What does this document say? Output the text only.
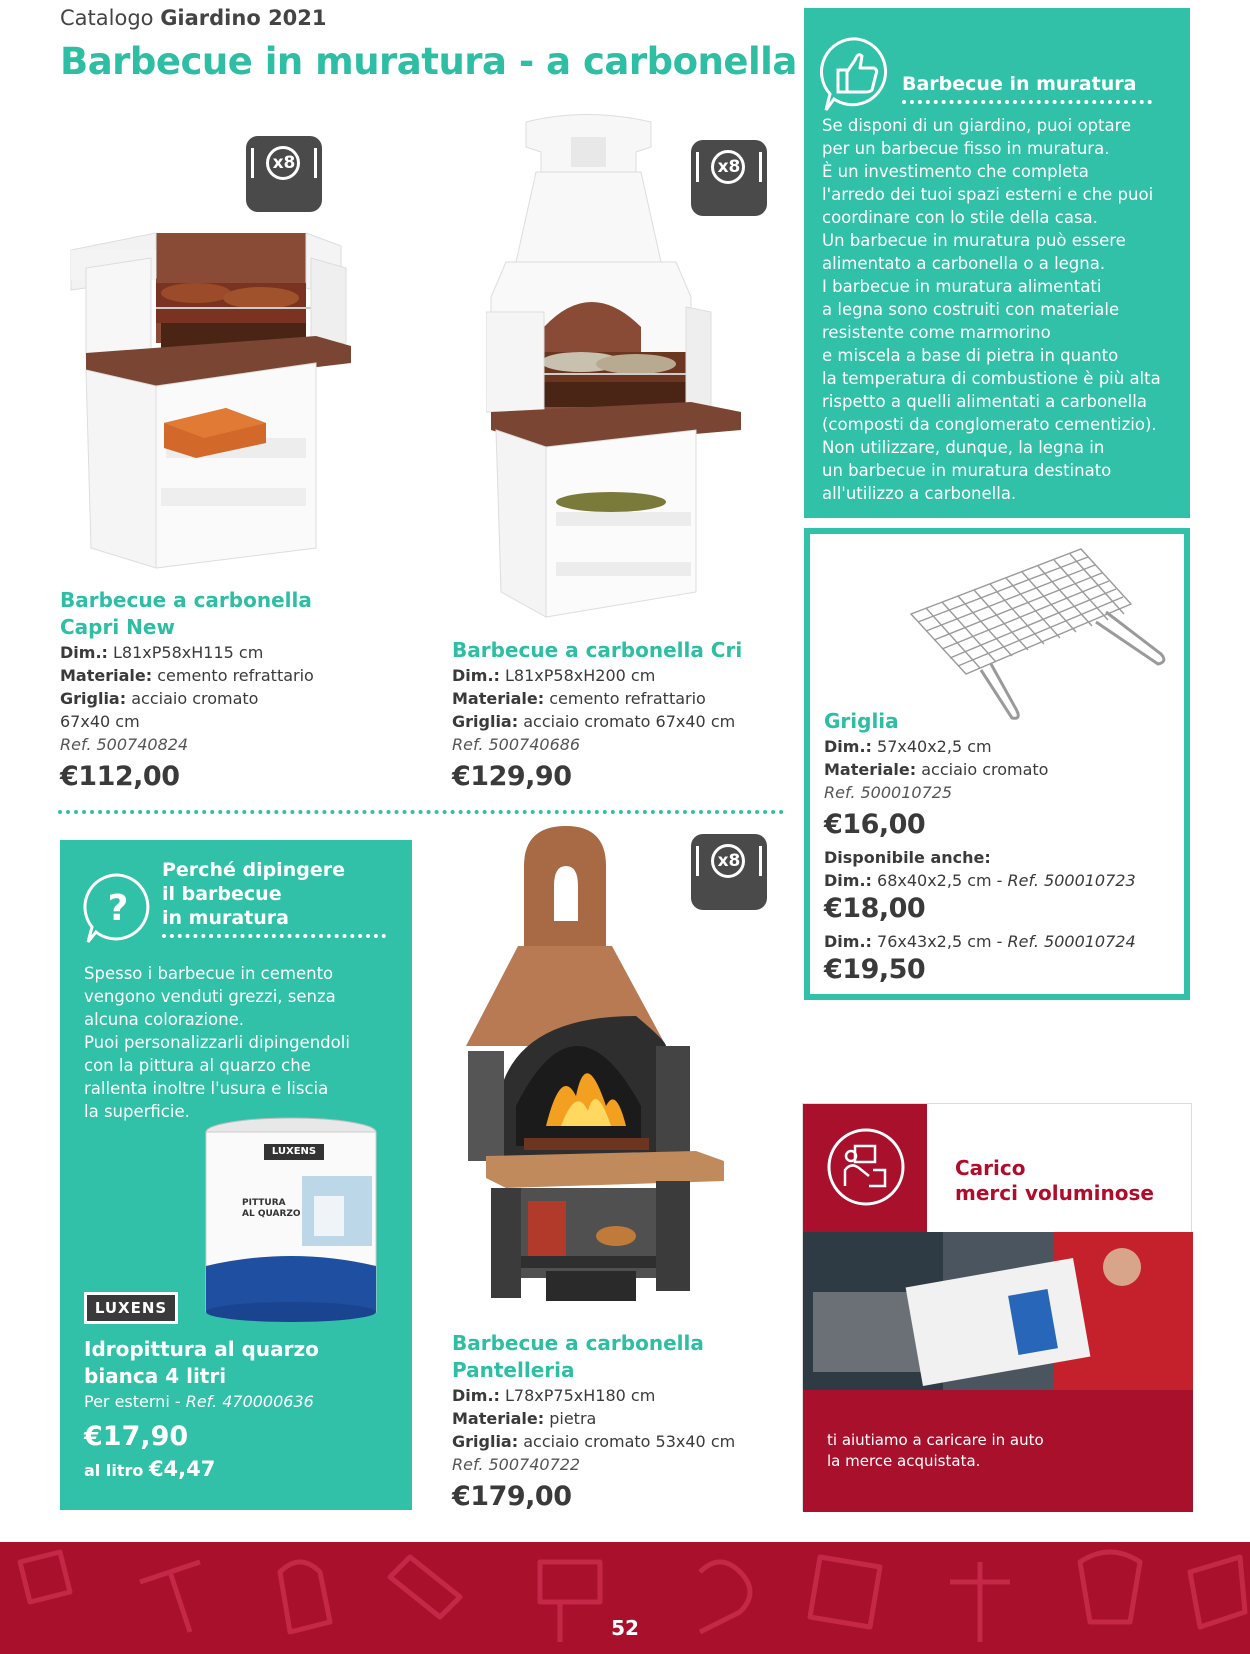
Catalogo Giardino 2021
Barbecue in muratura - a carbonella
x8
Barbecue a carbonella
Capri New
Dim.: L81xP58xH115 cm
Materiale: cemento refrattario
Griglia: acciaio cromato
67x40 cm
Ref. 500740824
€112,00
x8
Barbecue a carbonella Cri
Dim.: L81xP58xH200 cm
Materiale: cemento refrattario
Griglia: acciaio cromato 67x40 cm
Ref. 500740686
€129,90
Barbecue in muratura
Se disponi di un giardino, puoi optare
per un barbecue fisso in muratura.
È un investimento che completa
l'arredo dei tuoi spazi esterni e che puoi
coordinare con lo stile della casa.
Un barbecue in muratura può essere
alimentato a carbonella o a legna.
I barbecue in muratura alimentati
a legna sono costruiti con materiale
resistente come marmorino
e miscela a base di pietra in quanto
la temperatura di combustione è più alta
rispetto a quelli alimentati a carbonella
(composti da conglomerato cementizio).
Non utilizzare, dunque, la legna in
un barbecue in muratura destinato
all'utilizzo a carbonella.
Griglia
Dim.: 57x40x2,5 cm
Materiale: acciaio cromato
Ref. 500010725
€16,00
Disponibile anche:
Dim.: 68x40x2,5 cm - Ref. 500010723
€18,00
Dim.: 76x43x2,5 cm - Ref. 500010724
€19,50
?
Perché dipingere
il barbecue
in muratura
Spesso i barbecue in cemento
vengono venduti grezzi, senza
alcuna colorazione.
Puoi personalizzarli dipingendoli
con la pittura al quarzo che
rallenta inoltre l'usura e liscia
la superficie.
LUXENS
PITTURA
AL QUARZO
LUXENS
Idropittura al quarzo
bianca 4 litri
Per esterni - Ref. 470000636
€17,90
al litro €4,47
x8
Barbecue a carbonella
Pantelleria
Dim.: L78xP75xH180 cm
Materiale: pietra
Griglia: acciaio cromato 53x40 cm
Ref. 500740722
€179,00
Carico
merci voluminose
ti aiutiamo a caricare in auto
la merce acquistata.
52
